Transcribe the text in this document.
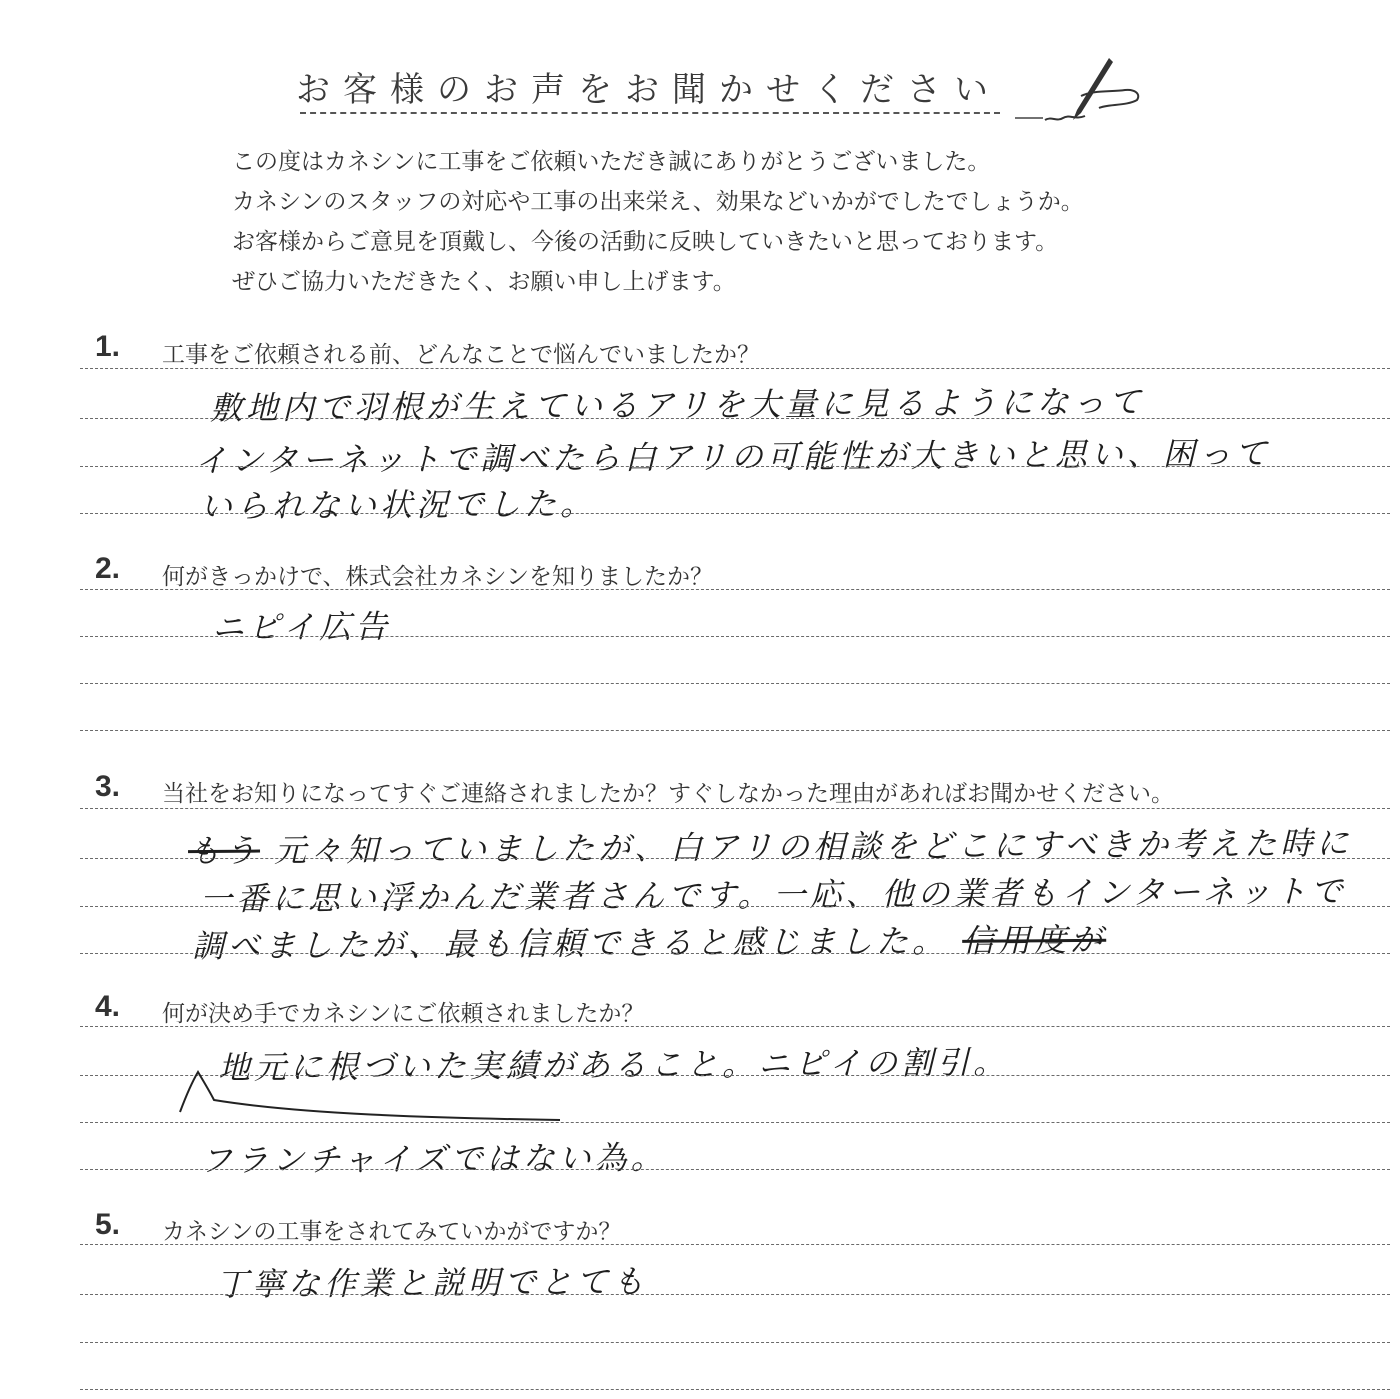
お客様のお声をお聞かせください
この度はカネシンに工事をご依頼いただき誠にありがとうございました。
カネシンのスタッフの対応や工事の出来栄え、効果などいかがでしたでしょうか。
お客様からご意見を頂戴し、今後の活動に反映していきたいと思っております。
ぜひご協力いただきたく、お願い申し上げます。
1. 工事をご依頼される前、どんなことで悩んでいましたか？
敷地内で羽根が生えているアリを大量に見るようになって
インターネットで調べたら白アリの可能性が大きいと思い、困って
いられない状況でした。
2. 何がきっかけで、株式会社カネシンを知りましたか？
ニピイ広告
3. 当社をお知りになってすぐご連絡されましたか？すぐしなかった理由があればお聞かせください。
もう 元々知っていましたが、白アリの相談をどこにすべきか考えた時に
一番に思い浮かんだ業者さんです。一応、他の業者もインターネットで
調べましたが、最も信頼できると感じました。 信用度が
4. 何が決め手でカネシンにご依頼されましたか？
地元に根づいた実績があること。ニピイの割引。
フランチャイズではない為。
5. カネシンの工事をされてみていかがですか？
丁寧な作業と説明でとても
